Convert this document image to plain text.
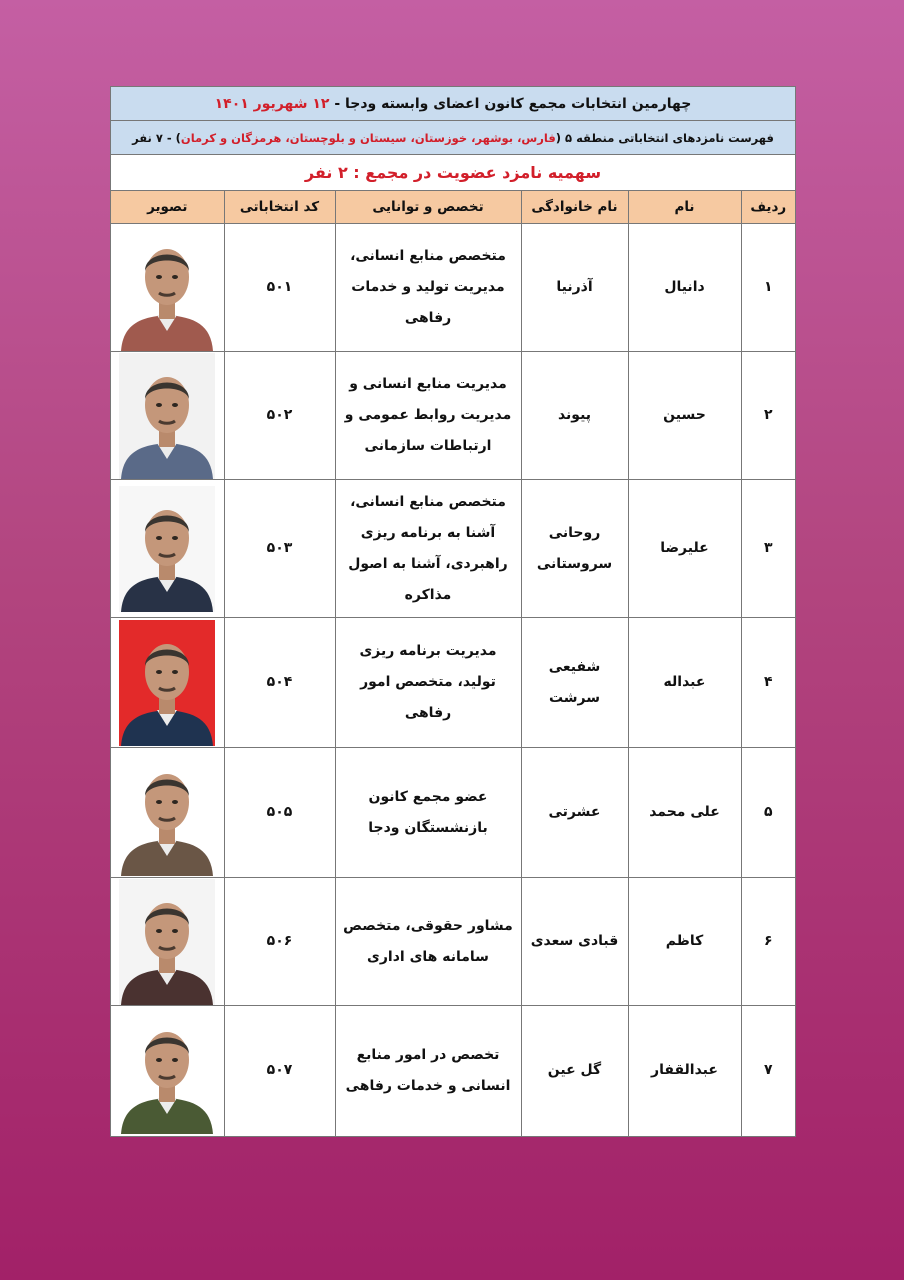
چهارمین انتخابات مجمع کانون اعضای وابسته ودجا - ۱۲ شهریور ۱۴۰۱
فهرست نامزدهای انتخاباتی منطقه ۵ (فارس، بوشهر، خوزستان، سیستان و بلوچستان، هرمزگان و کرمان) - ۷ نفر
سهمیه نامزد عضویت در مجمع : ۲ نفر
ردیف	نام	نام خانوادگی	تخصص و توانایی	کد انتخاباتی	تصویر
۱	دانیال	آذرنیا	متخصص منابع انسانی، مدیریت تولید و خدمات رفاهی	۵۰۱	

۲	حسین	پیوند	مدیریت منابع انسانی و مدیریت روابط عمومی و ارتباطات سازمانی	۵۰۲	

۳	علیرضا	روحانی سروستانی	متخصص منابع انسانی، آشنا به برنامه ریزی راهبردی، آشنا به اصول مذاکره	۵۰۳	

۴	عبداله	شفیعی سرشت	مدیریت برنامه ریزی تولید، متخصص امور رفاهی	۵۰۴	

۵	علی محمد	عشرتی	عضو مجمع کانون بازنشستگان ودجا	۵۰۵	

۶	کاظم	قبادی سعدی	مشاور حقوقی، متخصص سامانه های اداری	۵۰۶	

۷	عبدالقفار	گل عین	تخصص در امور منابع انسانی و خدمات رفاهی	۵۰۷	
